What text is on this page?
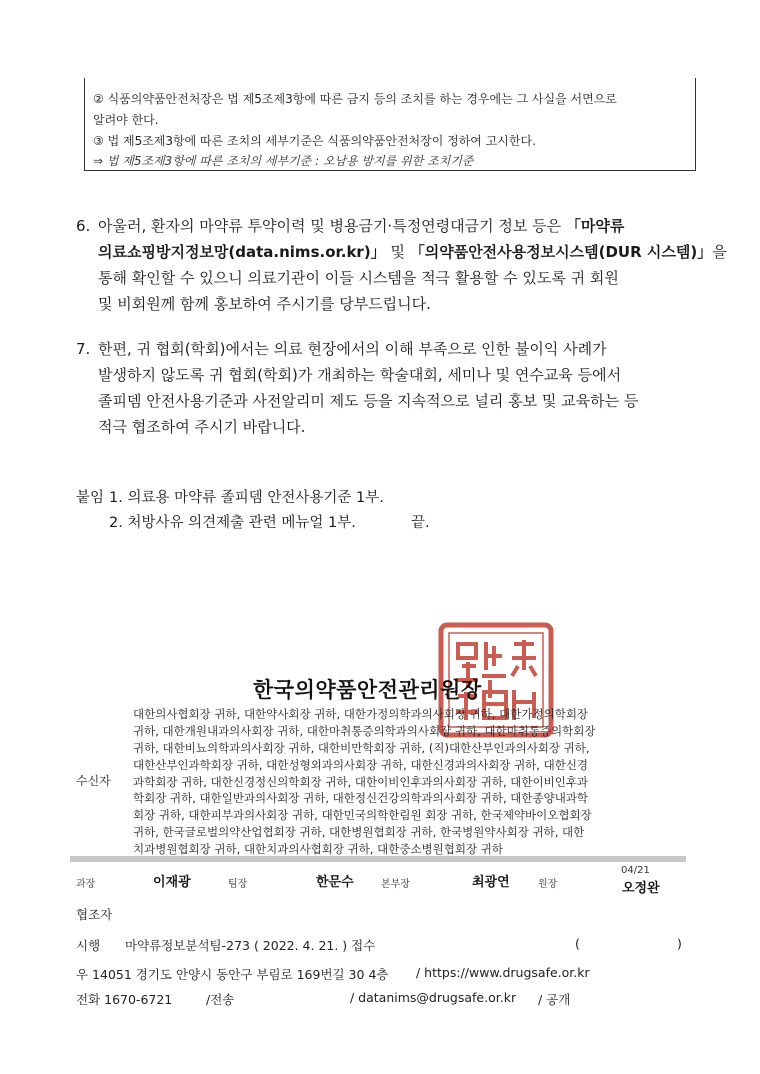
② 식품의약품안전처장은 법 제5조제3항에 따른 금지 등의 조치를 하는 경우에는 그 사실을 서면으로
알려야 한다.
③ 법 제5조제3항에 따른 조치의 세부기준은 식품의약품안전처장이 정하여 고시한다.
⇒ 법 제5조제3항에 따른 조치의 세부기준 : 오남용 방지를 위한 조치기준
6. 아울러, 환자의 마약류 투약이력 및 병용금기·특정연령대금기 정보 등은 「마약류
의료쇼핑방지정보망(data.nims.or.kr)」 및 「의약품안전사용정보시스템(DUR 시스템)」을
통해 확인할 수 있으니 의료기관이 이들 시스템을 적극 활용할 수 있도록 귀 회원
및 비회원께 함께 홍보하여 주시기를 당부드립니다.
7. 한편, 귀 협회(학회)에서는 의료 현장에서의 이해 부족으로 인한 불이익 사례가
발생하지 않도록 귀 협회(학회)가 개최하는 학술대회, 세미나 및 연수교육 등에서
졸피뎀 안전사용기준과 사전알리미 제도 등을 지속적으로 널리 홍보 및 교육하는 등
적극 협조하여 주시기 바랍니다.
붙임 1. 의료용 마약류 졸피뎀 안전사용기준 1부.
2. 처방사유 의견제출 관련 메뉴얼 1부.	끝.
한국의약품안전관리원장
수신자
대한의사협회장 귀하, 대한약사회장 귀하, 대한가정의학과의사회장 귀하, 대한가정의학회장
귀하, 대한개원내과의사회장 귀하, 대한마취통증의학과의사회장 귀하, 대한마취통증의학회장
귀하, 대한비뇨의학과의사회장 귀하, 대한비만학회장 귀하, (직)대한산부인과의사회장 귀하,
대한산부인과학회장 귀하, 대한성형외과의사회장 귀하, 대한신경과의사회장 귀하, 대한신경
과학회장 귀하, 대한신경정신의학회장 귀하, 대한이비인후과의사회장 귀하, 대한이비인후과
학회장 귀하, 대한일반과의사회장 귀하, 대한정신건강의학과의사회장 귀하, 대한종양내과학
회장 귀하, 대한피부과의사회장 귀하, 대한민국의학한림원 회장 귀하, 한국제약바이오협회장
귀하, 한국글로벌의약산업협회장 귀하, 대한병원협회장 귀하, 한국병원약사회장 귀하, 대한
치과병원협회장 귀하, 대한치과의사협회장 귀하, 대한중소병원협회장 귀하
과장	이재광	팀장	한문수	본부장	최광연	원장
04/21
오정완
협조자
시행 마약류정보분석팀-273 ( 2022. 4. 21. ) 접수	(	)
우 14051 경기도 안양시 동안구 부림로 169번길 30 4층 / https://www.drugsafe.or.kr
전화 1670-6721	/전송	/ datanims@drugsafe.or.kr / 공개
